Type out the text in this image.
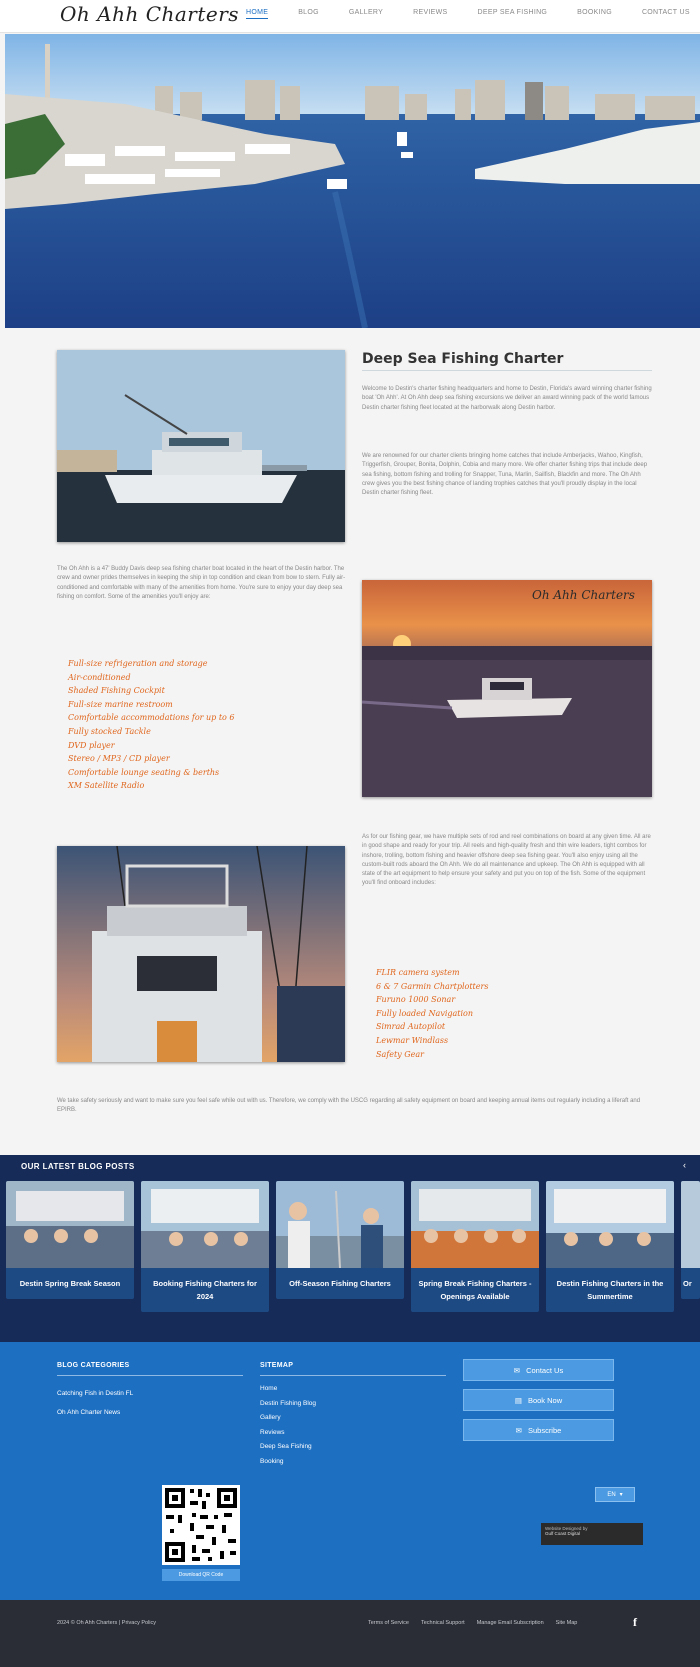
Oh Ahh Charters HOME	BLOG	GALLERY	REVIEWS	DEEP SEA FISHING	BOOKING	CONTACT US
Deep Sea Fishing Charter

Welcome to Destin's charter fishing headquarters and home to Destin, Florida's award winning charter fishing boat 'Oh Ahh'. At Oh Ahh deep sea fishing excursions we deliver an award winning pack of the world famous Destin charter fishing fleet located at the harborwalk along Destin harbor.

We are renowned for our charter clients bringing home catches that include Amberjacks, Wahoo, Kingfish, Triggerfish, Grouper, Bonita, Dolphin, Cobia and many more. We offer charter fishing trips that include deep sea fishing, bottom fishing and trolling for Snapper, Tuna, Marlin, Sailfish, Blackfin and more. The Oh Ahh crew gives you the best fishing chance of landing trophies catches that you'll proudly display in the local Destin charter fishing fleet.

The Oh Ahh is a 47' Buddy Davis deep sea fishing charter boat located in the heart of the Destin harbor. The crew and owner prides themselves in keeping the ship in top condition and clean from bow to stern. Fully air-conditioned and comfortable with many of the amenities from home. You're sure to enjoy your day deep sea fishing on comfort. Some of the amenities you'll enjoy are:

Full-size refrigeration and storage
Air-conditioned
Shaded Fishing Cockpit
Full-size marine restroom
Comfortable accommodations for up to 6
Fully stocked Tackle
DVD player
Stereo / MP3 / CD player
Comfortable lounge seating & berths
XM Satellite Radio
Oh Ahh Charters

As for our fishing gear, we have multiple sets of rod and reel combinations on board at any given time. All are in good shape and ready for your trip. All reels and high-quality fresh and thin wire leaders, tight combos for inshore, trolling, bottom fishing and heavier offshore deep sea fishing gear. You'll also enjoy using all the custom-built rods aboard the Oh Ahh. We do all maintenance and upkeep. The Oh Ahh is equipped with all state of the art equipment to help ensure your safety and put you on top of the fish. Some of the equipment you'll find onboard includes:

FLIR camera system
6 & 7 Garmin Chartplotters
Furuno 1000 Sonar
Fully loaded Navigation
Simrad Autopilot
Lewmar Windlass
Safety Gear

We take safety seriously and want to make sure you feel safe while out with us. Therefore, we comply with the USCG regarding all safety equipment on board and keeping annual items out regularly including a liferaft and EPIRB.

OUR LATEST BLOG POSTS	‹
Destin Spring Break Season	Booking Fishing Charters for 2024
Off-Season Fishing Charters	Spring Break Fishing Charters - Openings Available
Destin Fishing Charters in the Summertime
Or
BLOG CATEGORIES
Catching Fish in Destin FL
Oh Ahh Charter News
SITEMAP
Home
Destin Fishing Blog
Gallery
Reviews
Deep Sea Fishing
Booking
✉ Contact Us
▤ Book Now
✉ Subscribe
Download QR Code
EN ▾
Website Designed by
Gulf Coast Digital
2024 © Oh Ahh Charters | Privacy Policy	Terms of Service Technical Support Manage Email Subscription Site Map	f
